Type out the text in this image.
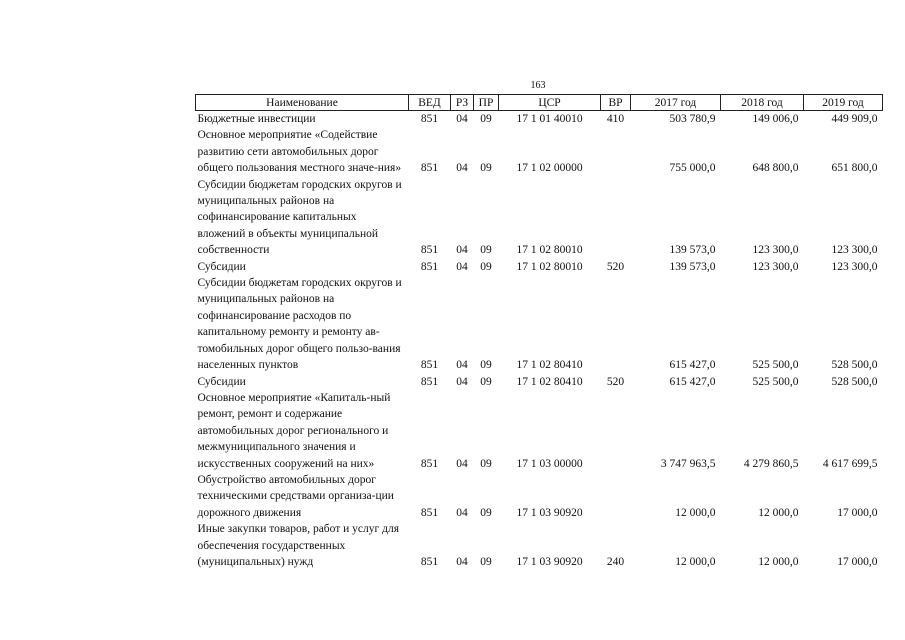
163
Наименование	ВЕД	РЗ	ПР	ЦСР	ВР	2017 год	2018 год	2019 год
Бюджетные инвестиции	851	04	09	17 1 01 40010	410	503 780,9	149 006,0	449 909,0
Основное мероприятие «Содействие развитию сети автомобильных дорог общего пользования местного значе-ния»	851	04	09	17 1 02 00000		755 000,0	648 800,0	651 800,0
Субсидии бюджетам городских округов и муниципальных районов на софинансирование капитальных вложений в объекты муниципальной собственности	851	04	09	17 1 02 80010		139 573,0	123 300,0	123 300,0
Субсидии	851	04	09	17 1 02 80010	520	139 573,0	123 300,0	123 300,0
Субсидии бюджетам городских округов и муниципальных районов на софинансирование расходов по капитальному ремонту и ремонту ав-томобильных дорог общего пользо-вания населенных пунктов	851	04	09	17 1 02 80410		615 427,0	525 500,0	528 500,0
Субсидии	851	04	09	17 1 02 80410	520	615 427,0	525 500,0	528 500,0
Основное мероприятие «Капиталь-ный ремонт, ремонт и содержание автомобильных дорог регионального и межмуниципального значения и искусственных сооружений на них»	851	04	09	17 1 03 00000		3 747 963,5	4 279 860,5	4 617 699,5
Обустройство автомобильных дорог техническими средствами организа-ции дорожного движения	851	04	09	17 1 03 90920		12 000,0	12 000,0	17 000,0
Иные закупки товаров, работ и услуг для обеспечения государственных (муниципальных) нужд	851	04	09	17 1 03 90920	240	12 000,0	12 000,0	17 000,0
